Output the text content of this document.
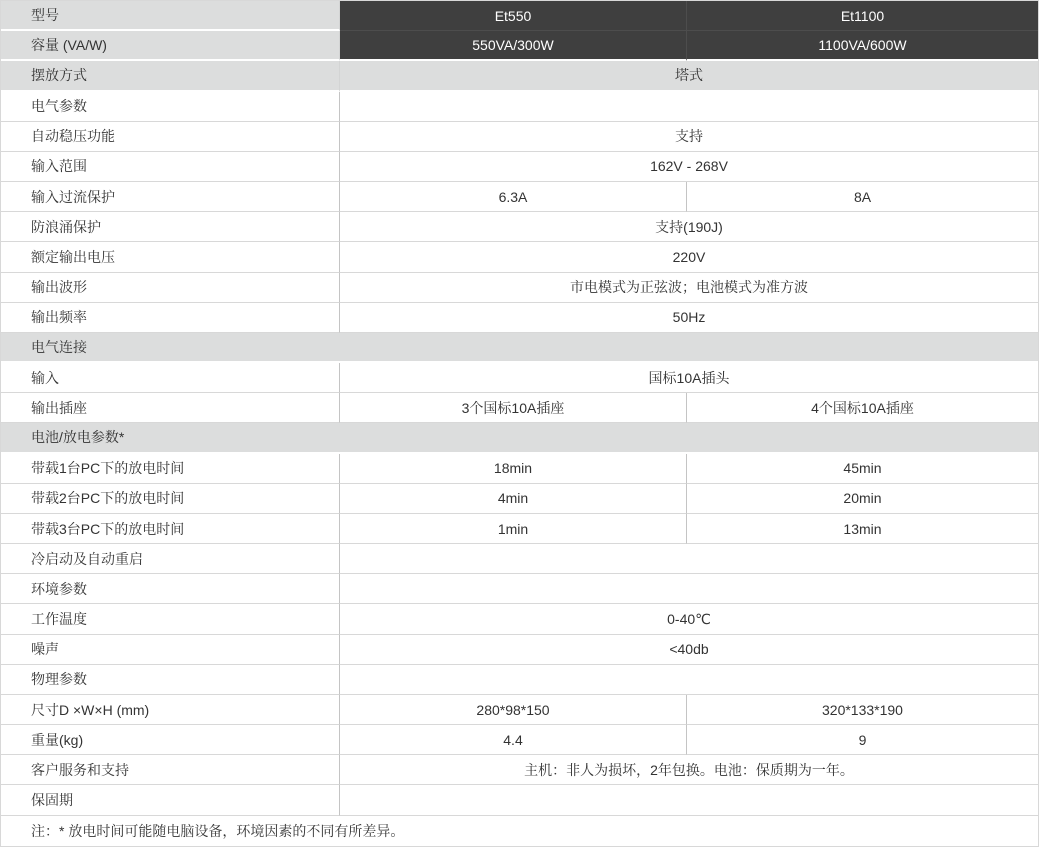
型号	Et550	Et1100
容量 (VA/W)	550VA/300W	1100VA/600W
摆放方式	塔式
电气参数
自动稳压功能	支持
输入范围	162V - 268V
输入过流保护	6.3A	8A
防浪涌保护	支持(190J)
额定输出电压	220V
输出波形	市电模式为正弦波；电池模式为准方波
输出频率	50Hz
电气连接
输入	国标10A插头
输出插座	3个国标10A插座	4个国标10A插座
电池/放电参数*
带载1台PC下的放电时间	18min	45min
带载2台PC下的放电时间	4min	20min
带载3台PC下的放电时间	1min	13min
冷启动及自动重启
环境参数
工作温度	0-40℃
噪声	<40db
物理参数
尺寸D ×W×H (mm)	280*98*150	320*133*190
重量(kg)	4.4	9
客户服务和支持	主机：非人为损坏，2年包换。电池：保质期为一年。
保固期
注：* 放电时间可能随电脑设备，环境因素的不同有所差异。
